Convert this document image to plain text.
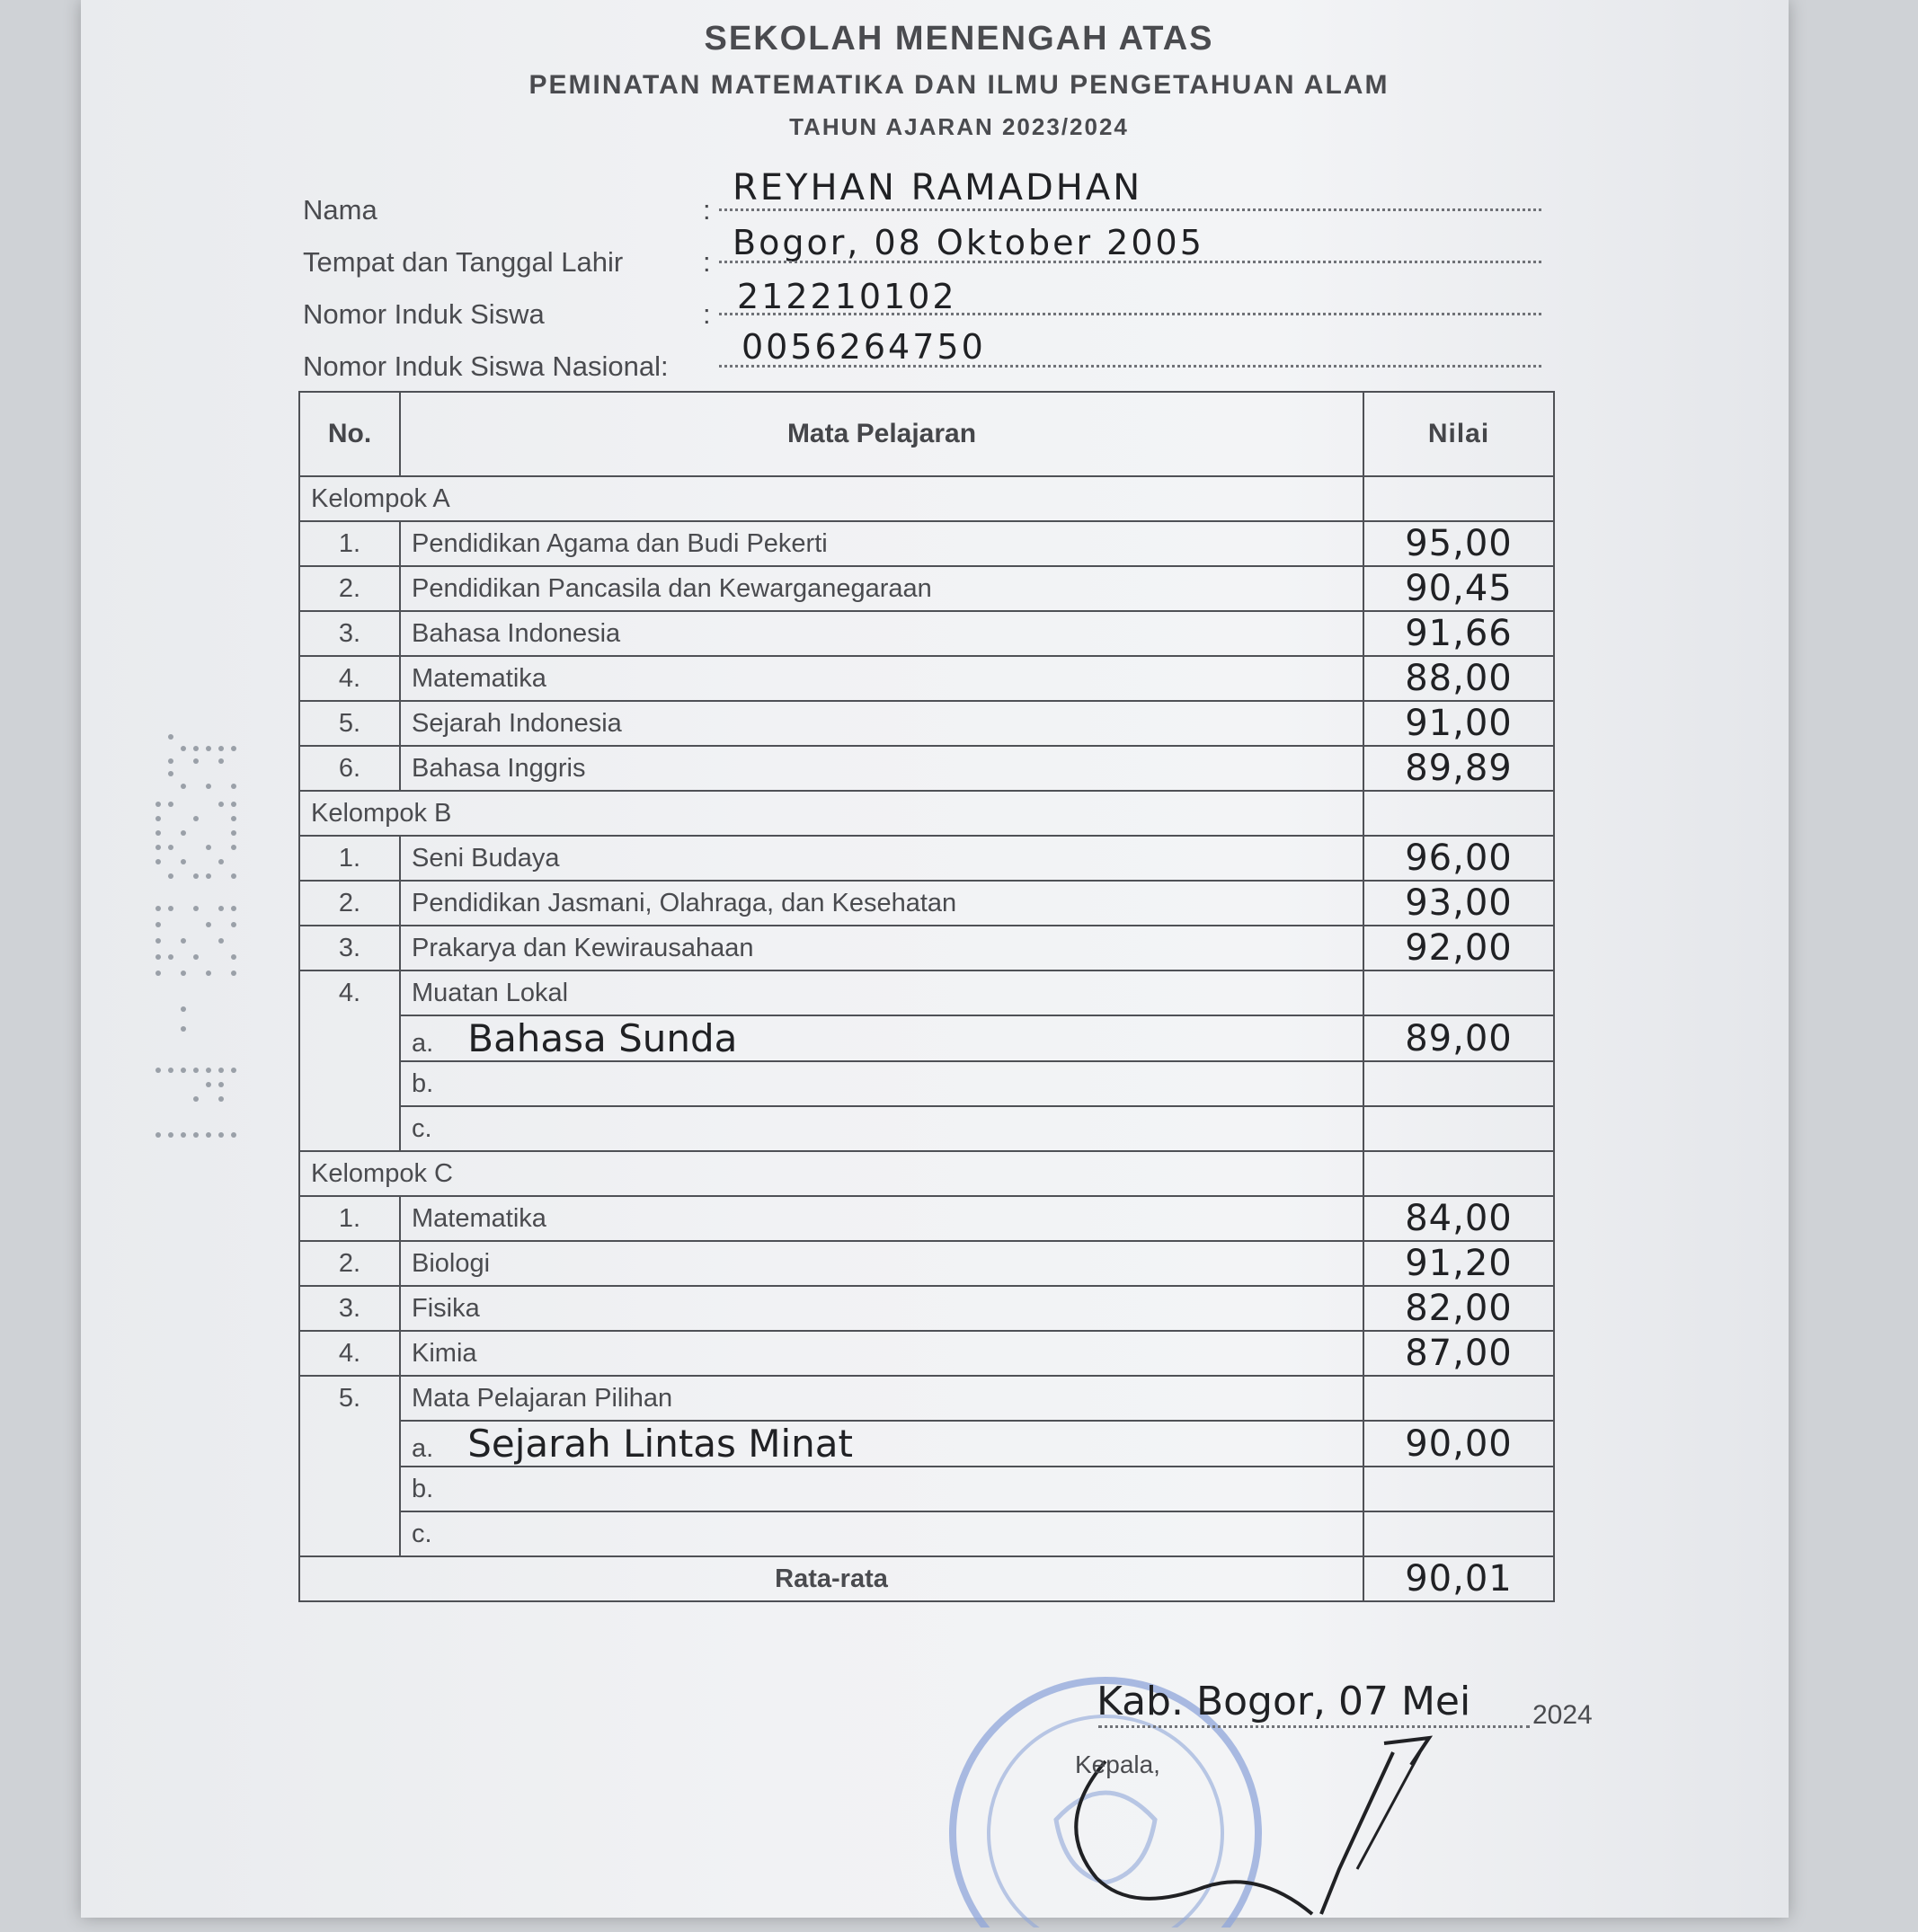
SEKOLAH MENENGAH ATAS
PEMINATAN MATEMATIKA DAN ILMU PENGETAHUAN ALAM
TAHUN AJARAN 2023/2024
Nama	:
REYHAN RAMADHAN
Tempat dan Tanggal Lahir	: Bogor, 08 Oktober 2005
Nomor Induk Siswa	: 212210102
Nomor Induk Siswa Nasional: 0056264750
No.	Mata Pelajaran	Nilai
Kelompok A		
1.	Pendidikan Agama dan Budi Pekerti	95,00
2.	Pendidikan Pancasila dan Kewarganegaraan	90,45
3.	Bahasa Indonesia	91,66
4.	Matematika	88,00
5.	Sejarah Indonesia	91,00
6.	Bahasa Inggris	89,89
Kelompok B		
1.	Seni Budaya	96,00
2.	Pendidikan Jasmani, Olahraga, dan Kesehatan	93,00
3.	Prakarya dan Kewirausahaan	92,00
4.	Muatan Lokal	
	a. Bahasa Sunda	89,00
	b.	
	c.	
Kelompok C		
1.	Matematika	84,00
2.	Biologi	91,20
3.	Fisika	82,00
4.	Kimia	87,00
5.	Mata Pelajaran Pilihan	
	a. Sejarah Lintas Minat	90,00
	b.	
	c.	
Rata-rata		90,01
Kab. Bogor, 07 Mei 2024
Kepala,
